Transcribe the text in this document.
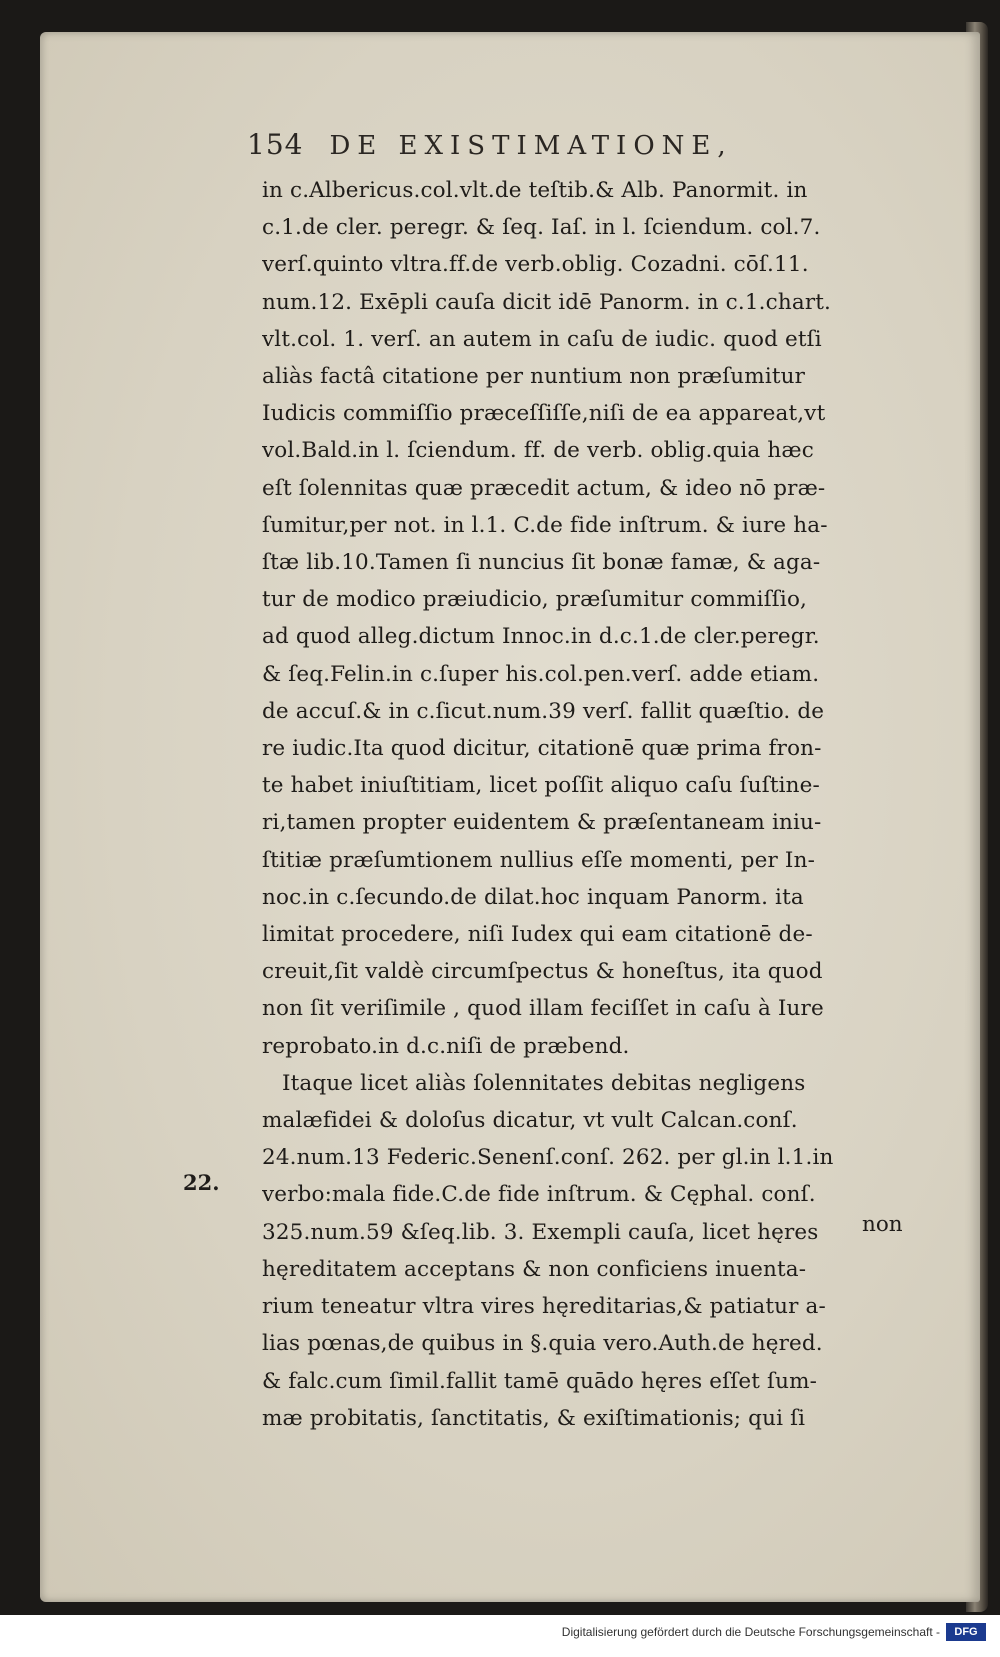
154 DE EXISTIMATIONE,
in c.Albericus.col.vlt.de teſtib.& Alb. Panormit. in
c.1.de cler. peregr. & ſeq. Iaſ. in l. ſciendum. col.7.
verſ.quinto vltra.ff.de verb.oblig. Cozadni. cōſ.11.
num.12. Exēpli cauſa dicit idē Panorm. in c.1.chart.
vlt.col. 1. verſ. an autem in caſu de iudic. quod etſi
aliàs factâ citatione per nuntium non præſumitur
Iudicis commiſſio præceſſiſſe,niſi de ea appareat,vt
vol.Bald.in l. ſciendum. ff. de verb. oblig.quia hæc
eſt ſolennitas quæ præcedit actum, & ideo nō præ-
ſumitur,per not. in l.1. C.de fide inſtrum. & iure ha-
ſtæ lib.10.Tamen ſi nuncius ſit bonæ famæ, & aga-
tur de modico præiudicio, præſumitur commiſſio,
ad quod alleg.dictum Innoc.in d.c.1.de cler.peregr.
& ſeq.Felin.in c.ſuper his.col.pen.verſ. adde etiam.
de accuſ.& in c.ſicut.num.39 verſ. fallit quæſtio. de
re iudic.Ita quod dicitur, citationē quæ prima fron-
te habet iniuſtitiam, licet poſſit aliquo caſu ſuſtine-
ri,tamen propter euidentem & præſentaneam iniu-
ſtitiæ præſumtionem nullius eſſe momenti, per In-
noc.in c.ſecundo.de dilat.hoc inquam Panorm. ita
limitat procedere, niſi Iudex qui eam citationē de-
creuit,ſit valdè circumſpectus & honeſtus, ita quod
non ſit veriſimile , quod illam feciſſet in caſu à Iure
reprobato.in d.c.niſi de præbend.
Itaque licet aliàs ſolennitates debitas negligens
malæfidei & doloſus dicatur, vt vult Calcan.conſ.
24.num.13 Federic.Senenſ.conſ. 262. per gl.in l.1.in
verbo:mala fide.C.de fide inſtrum. & Cęphal. conſ.
325.num.59 &ſeq.lib. 3. Exempli cauſa, licet hęres
hęreditatem acceptans & non conficiens inuenta-
rium teneatur vltra vires hęreditarias,& patiatur a-
lias pœnas,de quibus in §.quia vero.Auth.de hęred.
& falc.cum ſimil.fallit tamē quādo hęres eſſet ſum-
mæ probitatis, ſanctitatis, & exiſtimationis; qui ſi
22.
non
Digitalisierung gefördert durch die Deutsche Forschungsgemeinschaft -	DFG
